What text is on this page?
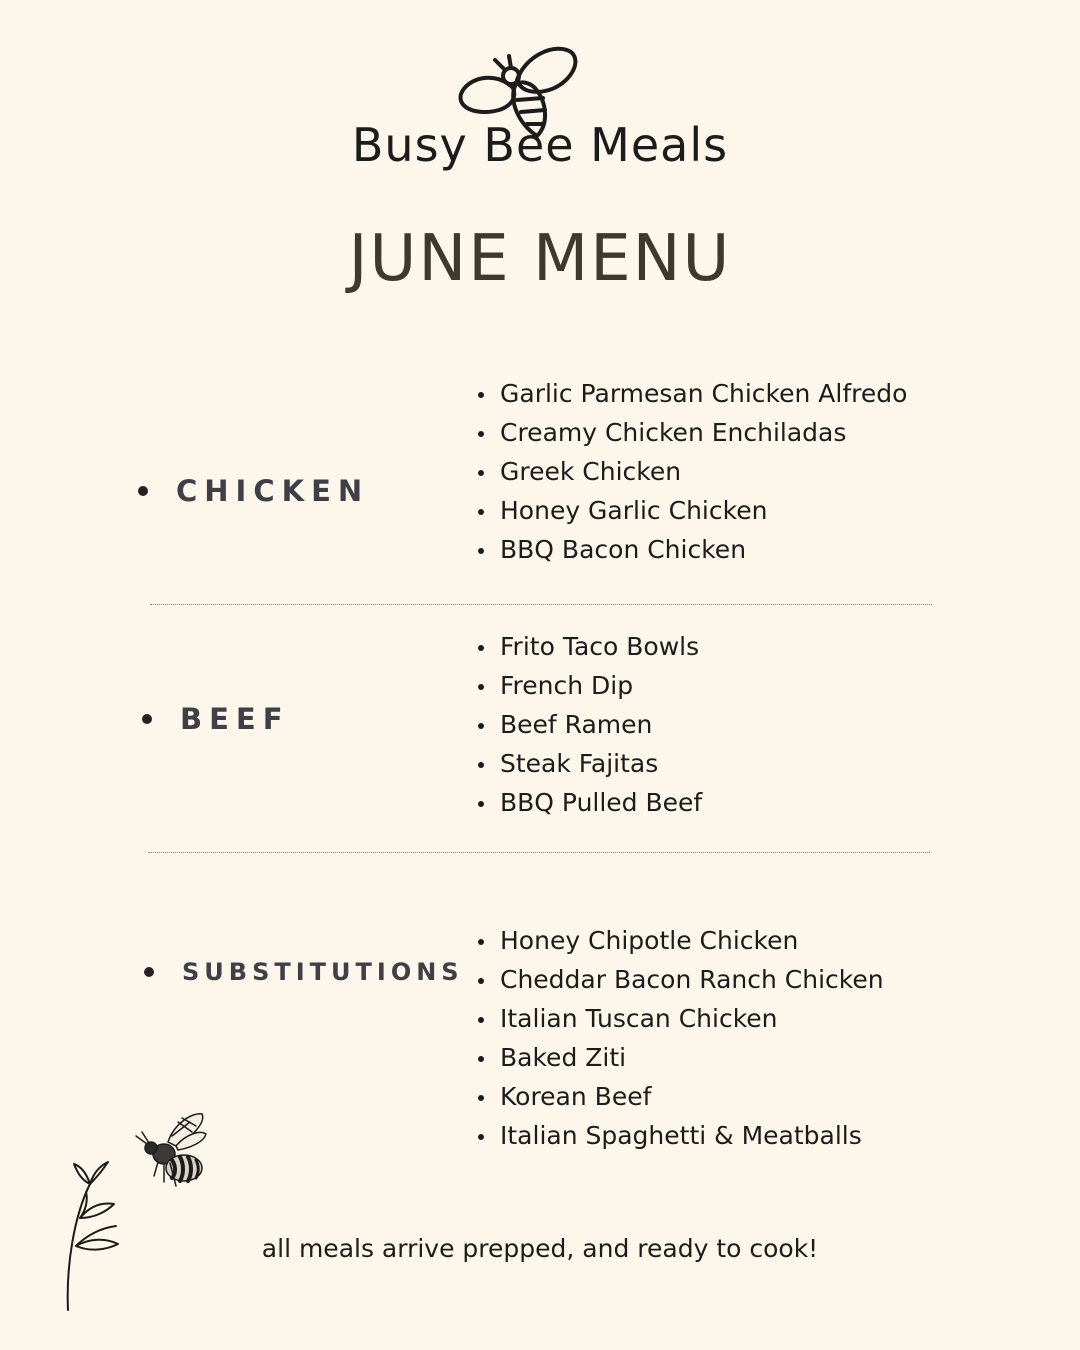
Busy Bee Meals
JUNE MENU
CHICKEN
Garlic Parmesan Chicken Alfredo
Creamy Chicken Enchiladas
Greek Chicken
Honey Garlic Chicken
BBQ Bacon Chicken
BEEF
Frito Taco Bowls
French Dip
Beef Ramen
Steak Fajitas
BBQ Pulled Beef
SUBSTITUTIONS
Honey Chipotle Chicken
Cheddar Bacon Ranch Chicken
Italian Tuscan Chicken
Baked Ziti
Korean Beef
Italian Spaghetti & Meatballs
all meals arrive prepped, and ready to cook!
